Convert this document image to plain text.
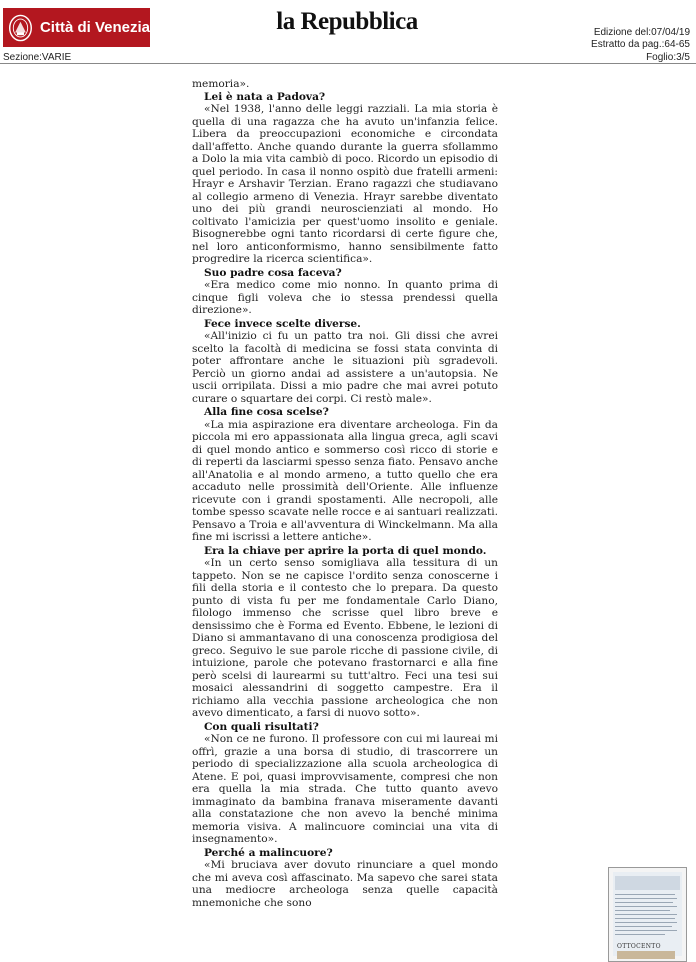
Città di Venezia	la Repubblica	Edizione del:07/04/19
Estratto da pag.:64-65
Sezione:VARIE	Foglio:3/5

memoria».

Lei è nata a Padova?

«Nel 1938, l'anno delle leggi razziali. La mia storia è quella di una ragazza che ha avuto un'infanzia felice. Libera da preoccupazioni economiche e circondata dall'affetto. Anche quando durante la guerra sfollammo a Dolo la mia vita cambiò di poco. Ricordo un episodio di quel periodo. In casa il nonno ospitò due fratelli armeni: Hrayr e Arshavir Terzian. Erano ragazzi che studiavano al collegio armeno di Venezia. Hrayr sarebbe diventato uno dei più grandi neuroscienziati al mondo. Ho coltivato l'amicizia per quest'uomo insolito e geniale. Bisognerebbe ogni tanto ricordarsi di certe figure che, nel loro anticonformismo, hanno sensibilmente fatto progredire la ricerca scientifica».

Suo padre cosa faceva?

«Era medico come mio nonno. In quanto prima di cinque figli voleva che io stessa prendessi quella direzione».

Fece invece scelte diverse.

«All'inizio ci fu un patto tra noi. Gli dissi che avrei scelto la facoltà di medicina se fossi stata convinta di poter affrontare anche le situazioni più sgradevoli. Perciò un giorno andai ad assistere a un'autopsia. Ne uscii orripilata. Dissi a mio padre che mai avrei potuto curare o squartare dei corpi. Ci restò male».

Alla fine cosa scelse?

«La mia aspirazione era diventare archeologa. Fin da piccola mi ero appassionata alla lingua greca, agli scavi di quel mondo antico e sommerso così ricco di storie e di reperti da lasciarmi spesso senza fiato. Pensavo anche all'Anatolia e al mondo armeno, a tutto quello che era accaduto nelle prossimità dell'Oriente. Alle influenze ricevute con i grandi spostamenti. Alle necropoli, alle tombe spesso scavate nelle rocce e ai santuari realizzati. Pensavo a Troia e all'avventura di Winckelmann. Ma alla fine mi iscrissi a lettere antiche».

Era la chiave per aprire la porta di quel mondo.

«In un certo senso somigliava alla tessitura di un tappeto. Non se ne capisce l'ordito senza conoscerne i fili della storia e il contesto che lo prepara. Da questo punto di vista fu per me fondamentale Carlo Diano, filologo immenso che scrisse quel libro breve e densissimo che è Forma ed Evento. Ebbene, le lezioni di Diano si ammantavano di una conoscenza prodigiosa del greco. Seguivo le sue parole ricche di passione civile, di intuizione, parole che potevano frastornarci e alla fine però scelsi di laurearmi su tutt'altro. Feci una tesi sui mosaici alessandrini di soggetto campestre. Era il richiamo alla vecchia passione archeologica che non avevo dimenticato, a farsi di nuovo sotto».

Con quali risultati?

«Non ce ne furono. Il professore con cui mi laureai mi offrì, grazie a una borsa di studio, di trascorrere un periodo di specializzazione alla scuola archeologica di Atene. E poi, quasi improvvisamente, compresi che non era quella la mia strada. Che tutto quanto avevo immaginato da bambina franava miseramente davanti alla constatazione che non avevo la benché minima memoria visiva. A malincuore cominciai una vita di insegnamento».

Perché a malincuore?

«Mi bruciava aver dovuto rinunciare a quel mondo che mi aveva così affascinato. Ma sapevo che sarei stata una mediocre archeologa senza quelle capacità mnemoniche che sono

OTTOCENTO
